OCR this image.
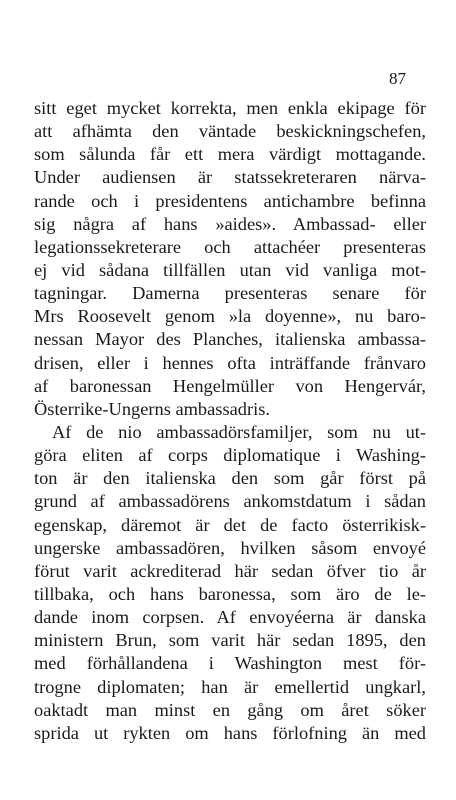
87
sitt eget mycket korrekta, men enkla ekipage för
att afhämta den väntade beskickningschefen,
som sålunda får ett mera värdigt mottagande.
Under audiensen är statssekreteraren närva-
rande och i presidentens antichambre befinna
sig några af hans »aides». Ambassad- eller
legationssekreterare och attachéer presenteras
ej vid sådana tillfällen utan vid vanliga mot-
tagningar. Damerna presenteras senare för
Mrs Roosevelt genom »la doyenne», nu baro-
nessan Mayor des Planches, italienska ambassa-
drisen, eller i hennes ofta inträffande frånvaro
af baronessan Hengelmüller von Hengervár,
Österrike-Ungerns ambassadris.
Af de nio ambassadörsfamiljer, som nu ut-
göra eliten af corps diplomatique i Washing-
ton är den italienska den som går först på
grund af ambassadörens ankomstdatum i sådan
egenskap, däremot är det de facto österrikisk-
ungerske ambassadören, hvilken såsom envoyé
förut varit ackrediterad här sedan öfver tio år
tillbaka, och hans baronessa, som äro de le-
dande inom corpsen. Af envoyéerna är danska
ministern Brun, som varit här sedan 1895, den
med förhållandena i Washington mest för-
trogne diplomaten; han är emellertid ungkarl,
oaktadt man minst en gång om året söker
sprida ut rykten om hans förlofning än med
